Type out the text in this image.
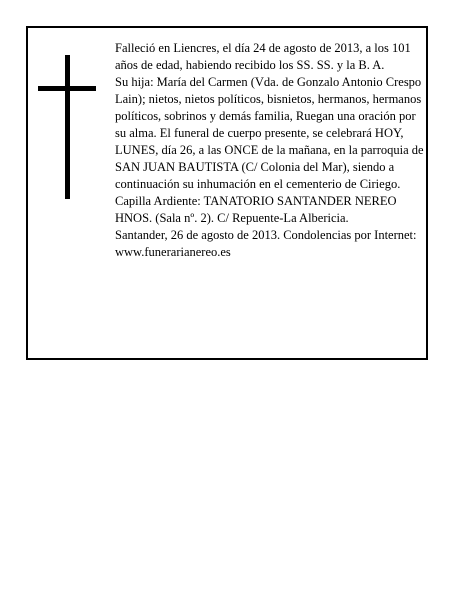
Falleció en Liencres, el día 24 de agosto de 2013, a los 101 años de edad, habiendo recibido los SS. SS. y la B. A.

Su hija: María del Carmen (Vda. de Gonzalo Antonio Crespo Lain); nietos, nietos políticos, bisnietos, hermanos, hermanos políticos, sobrinos y demás familia, Ruegan una oración por su alma. El funeral de cuerpo presente, se celebrará HOY, LUNES, día 26, a las ONCE de la mañana, en la parroquia de SAN JUAN BAUTISTA (C/ Colonia del Mar), siendo a continuación su inhumación en el cementerio de Ciriego. Capilla Ardiente: TANATORIO SANTANDER NEREO HNOS. (Sala nº. 2). C/ Repuente-La Albericia.

Santander, 26 de agosto de 2013. Condolencias por Internet: www.funerarianereo.es
